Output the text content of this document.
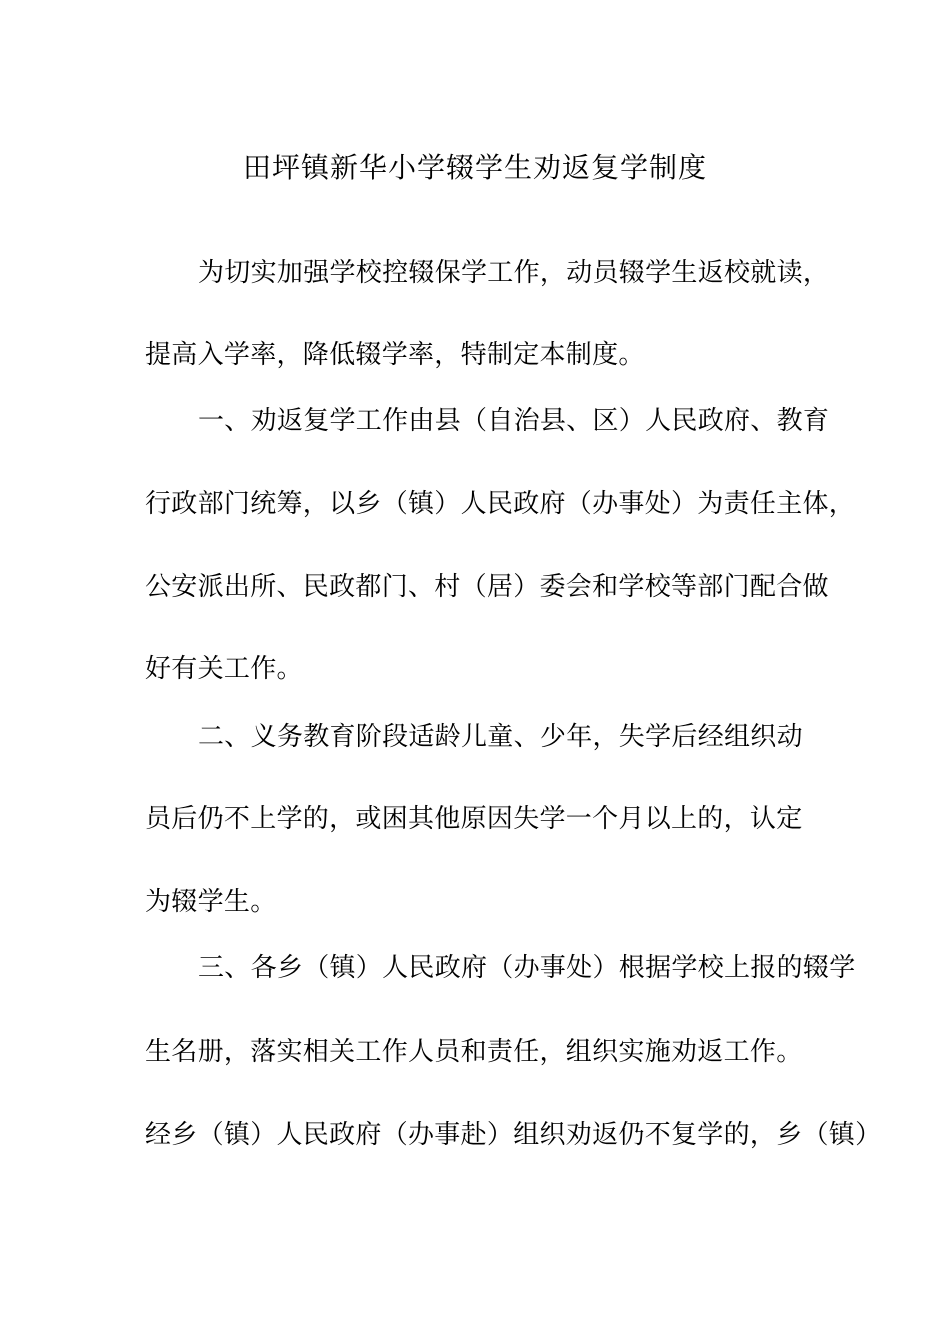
田坪镇新华小学辍学生劝返复学制度
为切实加强学校控辍保学工作，动员辍学生返校就读，
提高入学率，降低辍学率，特制定本制度。
一、劝返复学工作由县（自治县、区）人民政府、教育
行政部门统筹，以乡（镇）人民政府（办事处）为责任主体，
公安派出所、民政都门、村（居）委会和学校等部门配合做
好有关工作。
二、义务教育阶段适龄儿童、少年，失学后经组织动
员后仍不上学的，或困其他原因失学一个月以上的，认定
为辍学生。
三、各乡（镇）人民政府（办事处）根据学校上报的辍学
生名册，落实相关工作人员和责任，组织实施劝返工作。
经乡（镇）人民政府（办事赴）组织劝返仍不复学的，乡（镇）
